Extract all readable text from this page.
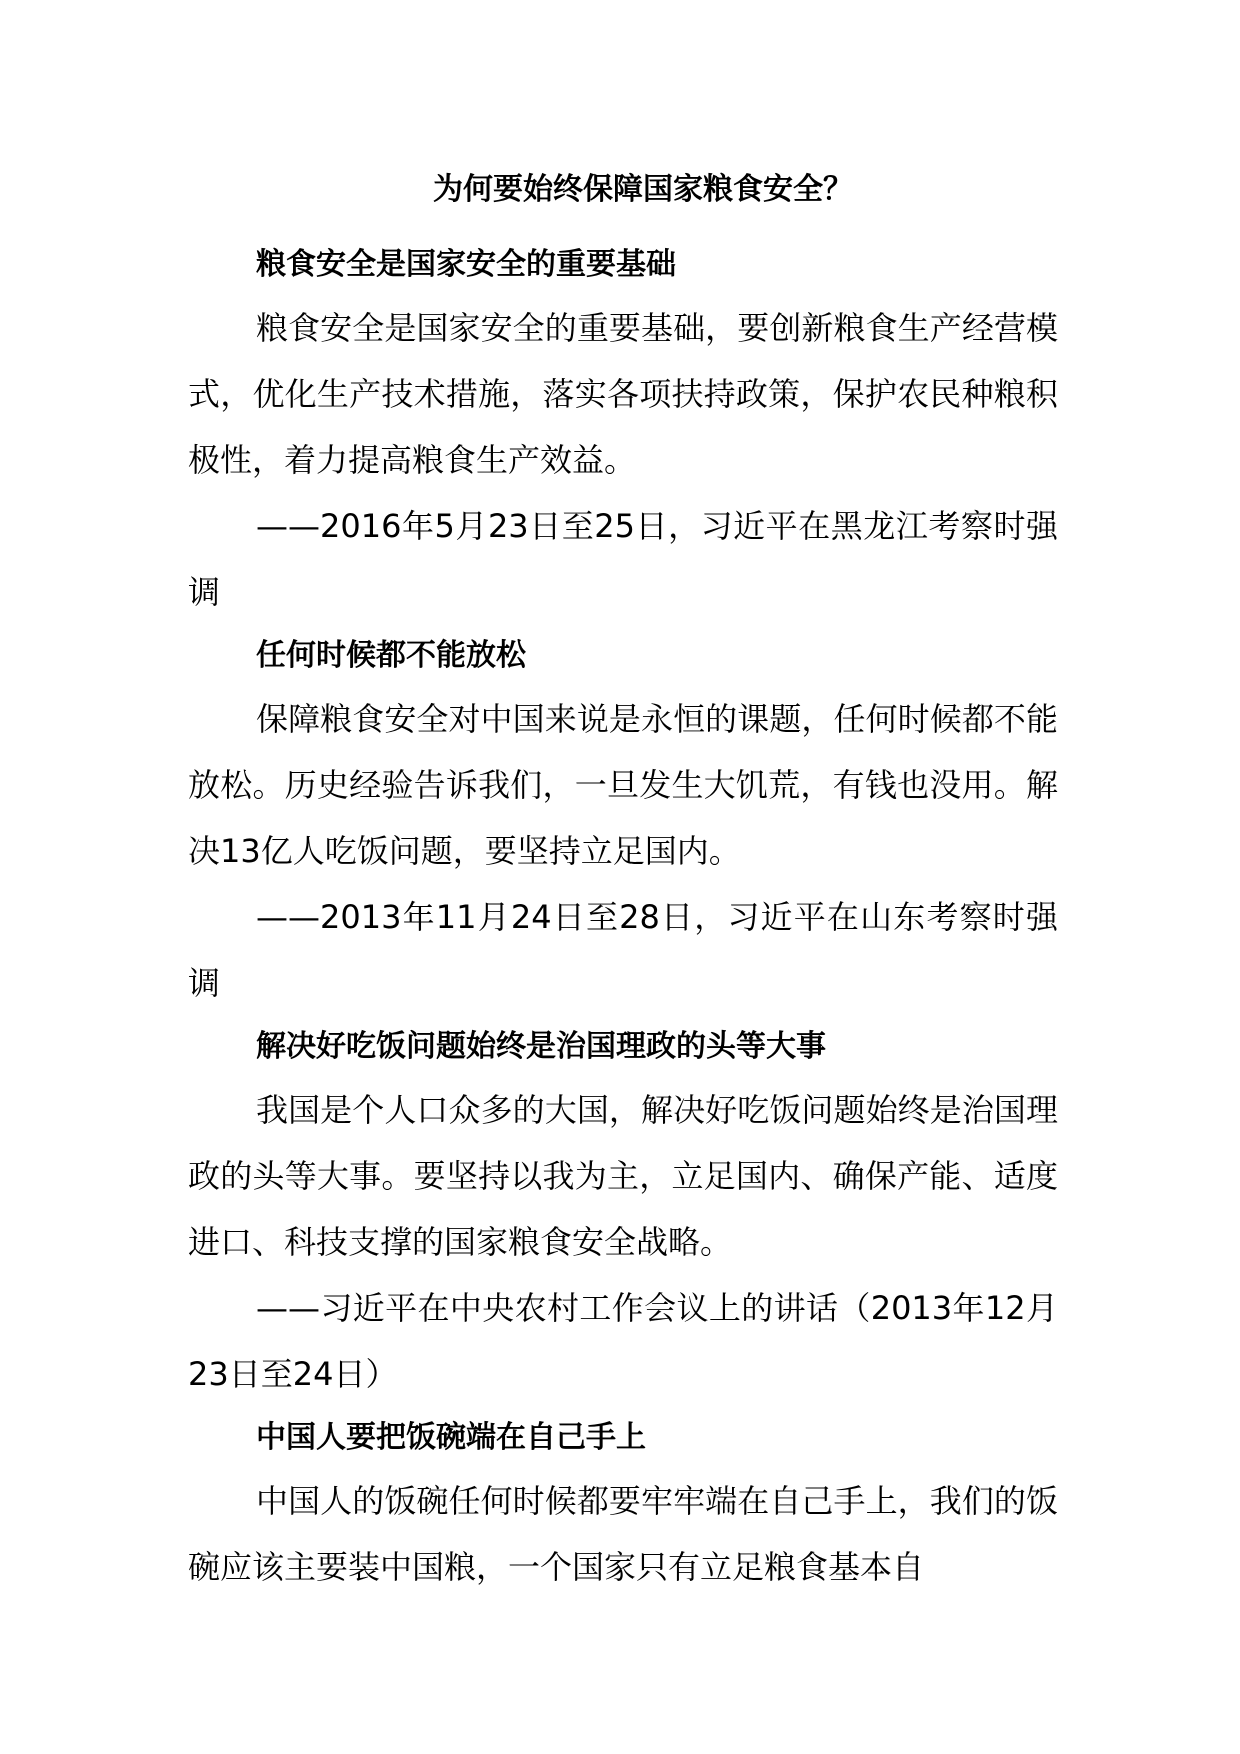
为何要始终保障国家粮食安全？

粮食安全是国家安全的重要基础

粮食安全是国家安全的重要基础，要创新粮食生产经营模式，优化生产技术措施，落实各项扶持政策，保护农民种粮积极性，着力提高粮食生产效益。

——2016年5月23日至25日，习近平在黑龙江考察时强调

任何时候都不能放松

保障粮食安全对中国来说是永恒的课题，任何时候都不能放松。历史经验告诉我们，一旦发生大饥荒，有钱也没用。解决13亿人吃饭问题，要坚持立足国内。

——2013年11月24日至28日，习近平在山东考察时强调

解决好吃饭问题始终是治国理政的头等大事

我国是个人口众多的大国，解决好吃饭问题始终是治国理政的头等大事。要坚持以我为主，立足国内、确保产能、适度进口、科技支撑的国家粮食安全战略。

——习近平在中央农村工作会议上的讲话（2013年12月23日至24日）

中国人要把饭碗端在自己手上

中国人的饭碗任何时候都要牢牢端在自己手上，我们的饭碗应该主要装中国粮，一个国家只有立足粮食基本自
